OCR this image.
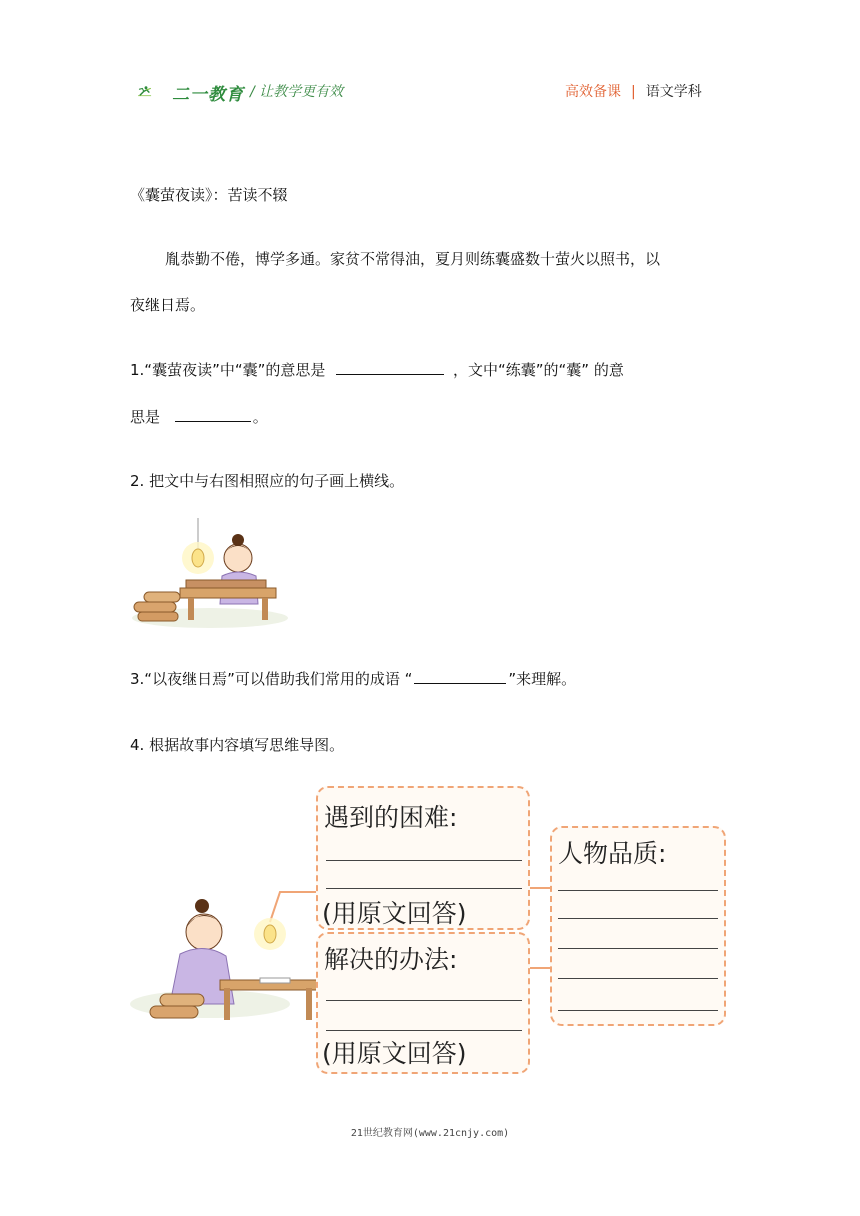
二一教育 / 让教学更有效	高效备课 | 语文学科
《囊萤夜读》：苦读不辍
胤恭勤不倦，博学多通。家贫不常得油，夏月则练囊盛数十萤火以照书，以
夜继日焉。
1.“囊萤夜读”中“囊”的意思是	，文中“练囊”的“囊” 的意
思是	。
2. 把文中与右图相照应的句子画上横线。
3.“以夜继日焉”可以借助我们常用的成语 “	”来理解。
4. 根据故事内容填写思维导图。
遇到的困难:
(用原文回答)
解决的办法:
(用原文回答)
人物品质:
21世纪教育网(www.21cnjy.com)
